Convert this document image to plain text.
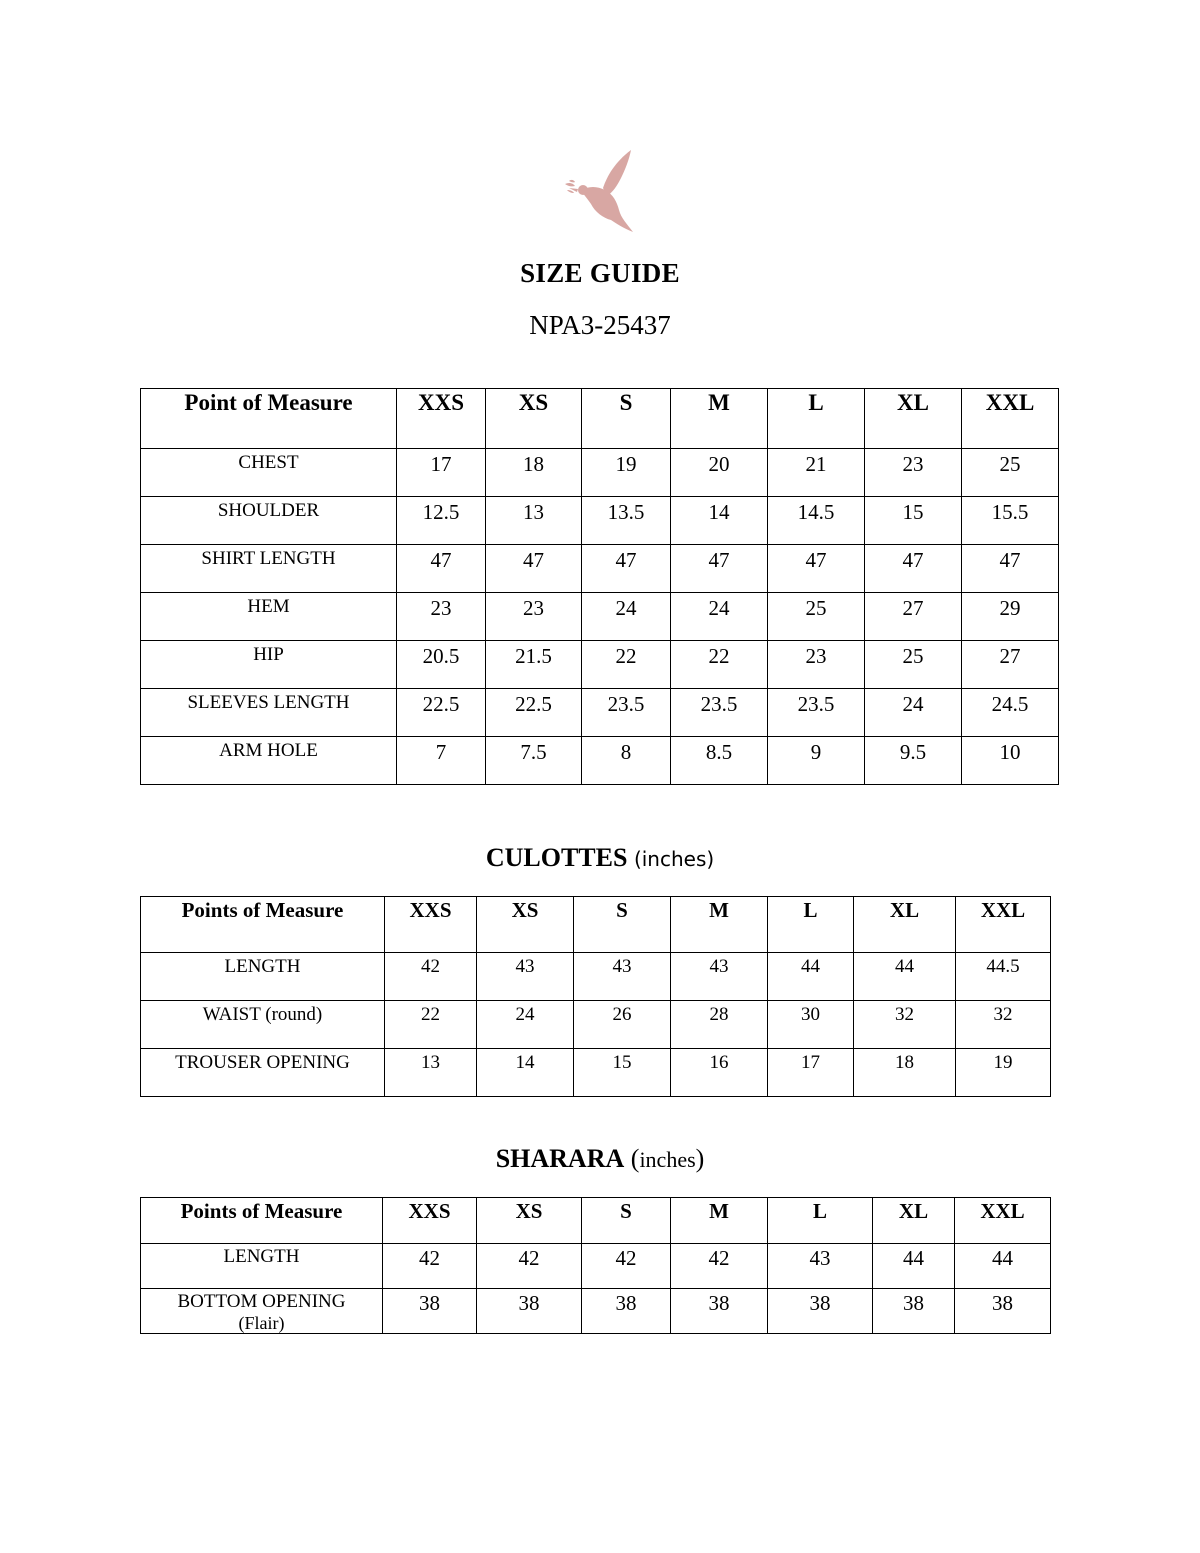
SIZE GUIDE
NPA3-25437
Point of Measure	XXS	XS	S	M	L	XL	XXL
CHEST	17	18	19	20	21	23	25
SHOULDER	12.5	13	13.5	14	14.5	15	15.5
SHIRT LENGTH	47	47	47	47	47	47	47
HEM	23	23	24	24	25	27	29
HIP	20.5	21.5	22	22	23	25	27
SLEEVES LENGTH	22.5	22.5	23.5	23.5	23.5	24	24.5
ARM HOLE	7	7.5	8	8.5	9	9.5	10
CULOTTES (inches)
Points of Measure	XXS	XS	S	M	L	XL	XXL
LENGTH	42	43	43	43	44	44	44.5
WAIST (round)	22	24	26	28	30	32	32
TROUSER OPENING	13	14	15	16	17	18	19
SHARARA (inches)
Points of Measure	XXS	XS	S	M	L	XL	XXL
LENGTH	42	42	42	42	43	44	44
BOTTOM OPENING
(Flair)	38	38	38	38	38	38	38
